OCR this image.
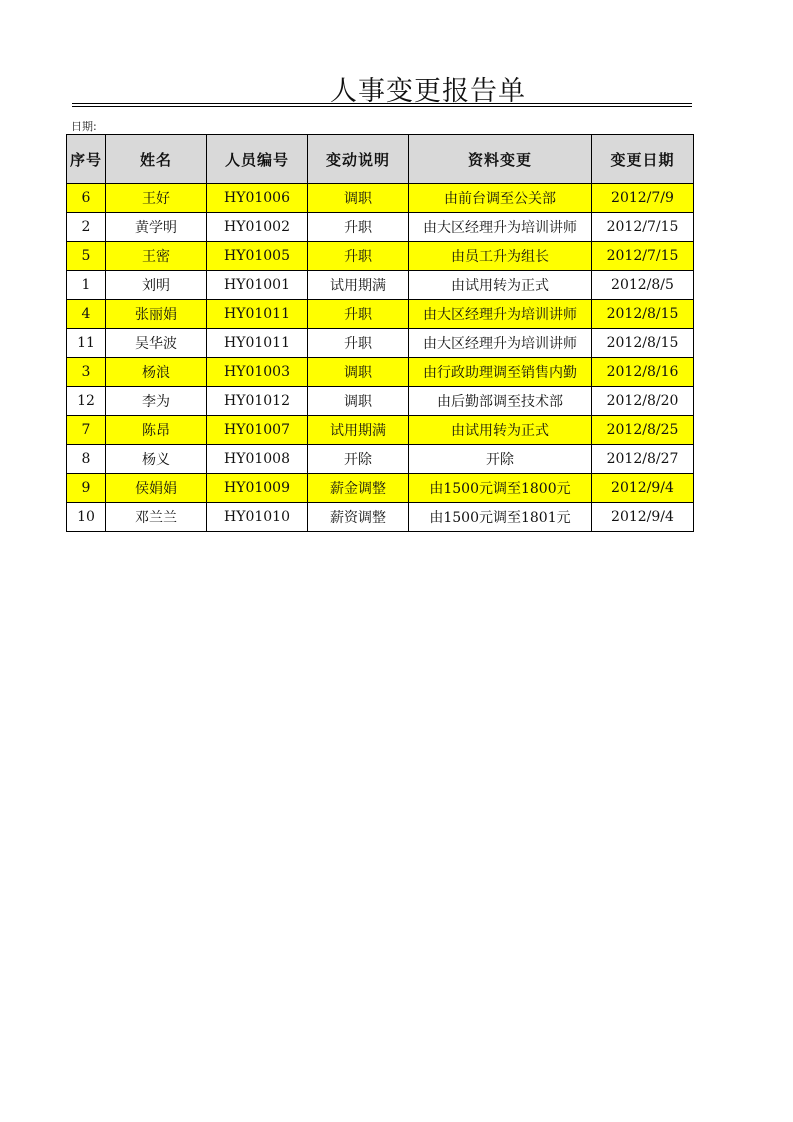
人事变更报告单
日期:
序号	姓名	人员编号	变动说明	资料变更	变更日期
6	王好	HY01006	调职	由前台调至公关部	2012/7/9
2	黄学明	HY01002	升职	由大区经理升为培训讲师	2012/7/15
5	王密	HY01005	升职	由员工升为组长	2012/7/15
1	刘明	HY01001	试用期满	由试用转为正式	2012/8/5
4	张丽娟	HY01011	升职	由大区经理升为培训讲师	2012/8/15
11	吴华波	HY01011	升职	由大区经理升为培训讲师	2012/8/15
3	杨浪	HY01003	调职	由行政助理调至销售内勤	2012/8/16
12	李为	HY01012	调职	由后勤部调至技术部	2012/8/20
7	陈昂	HY01007	试用期满	由试用转为正式	2012/8/25
8	杨义	HY01008	开除	开除	2012/8/27
9	侯娟娟	HY01009	薪金调整	由1500元调至1800元	2012/9/4
10	邓兰兰	HY01010	薪资调整	由1500元调至1801元	2012/9/4
